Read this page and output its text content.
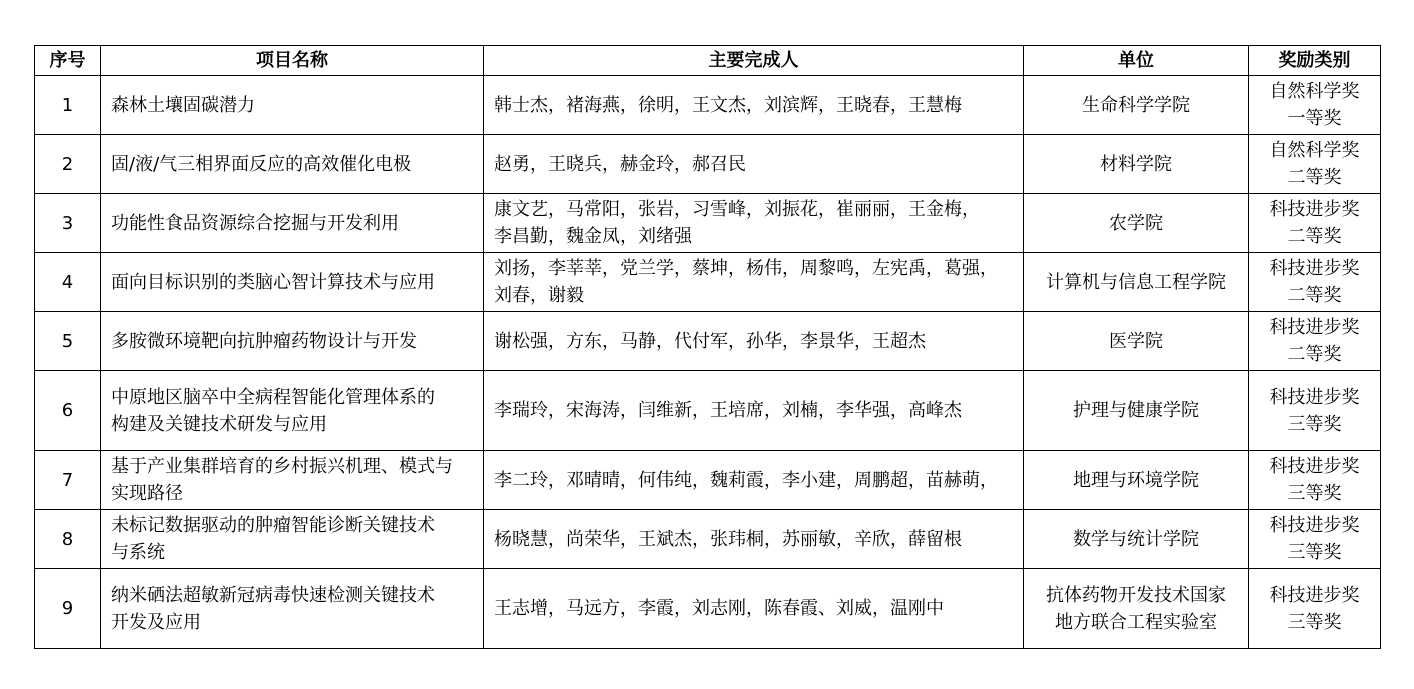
序号	项目名称	主要完成人	单位	奖励类别
1	森林土壤固碳潜力	韩士杰，褚海燕，徐明，王文杰，刘滨辉，王晓春，王慧梅	生命科学学院	自然科学奖
一等奖

2	固/液/气三相界面反应的高效催化电极	赵勇，王晓兵，赫金玲，郝召民	材料学院	自然科学奖
二等奖

3	功能性食品资源综合挖掘与开发利用	康文艺，马常阳，张岩，习雪峰，刘振花，崔丽丽，王金梅，
李昌勤，魏金凤，刘绪强	农学院	科技进步奖
二等奖

4	面向目标识别的类脑心智计算技术与应用	刘扬，李莘莘，党兰学，蔡坤，杨伟，周黎鸣，左宪禹，葛强，
刘春，谢毅	计算机与信息工程学院	科技进步奖
二等奖

5	多胺微环境靶向抗肿瘤药物设计与开发	谢松强，方东，马静，代付军，孙华，李景华，王超杰	医学院	科技进步奖
二等奖

6	中原地区脑卒中全病程智能化管理体系的
构建及关键技术研发与应用	李瑞玲，宋海涛，闫维新，王培席，刘楠，李华强，高峰杰	护理与健康学院	科技进步奖
三等奖

7	基于产业集群培育的乡村振兴机理、模式与
实现路径	李二玲，邓晴晴，何伟纯，魏莉霞，李小建，周鹏超，苗赫萌，	地理与环境学院	科技进步奖
三等奖

8	未标记数据驱动的肿瘤智能诊断关键技术
与系统	杨晓慧，尚荣华，王斌杰，张玮桐，苏丽敏，辛欣，薛留根	数学与统计学院	科技进步奖
三等奖

9	纳米硒法超敏新冠病毒快速检测关键技术
开发及应用	王志增，马远方，李霞，刘志刚，陈春霞、刘威，温刚中	抗体药物开发技术国家
地方联合工程实验室	科技进步奖
三等奖
